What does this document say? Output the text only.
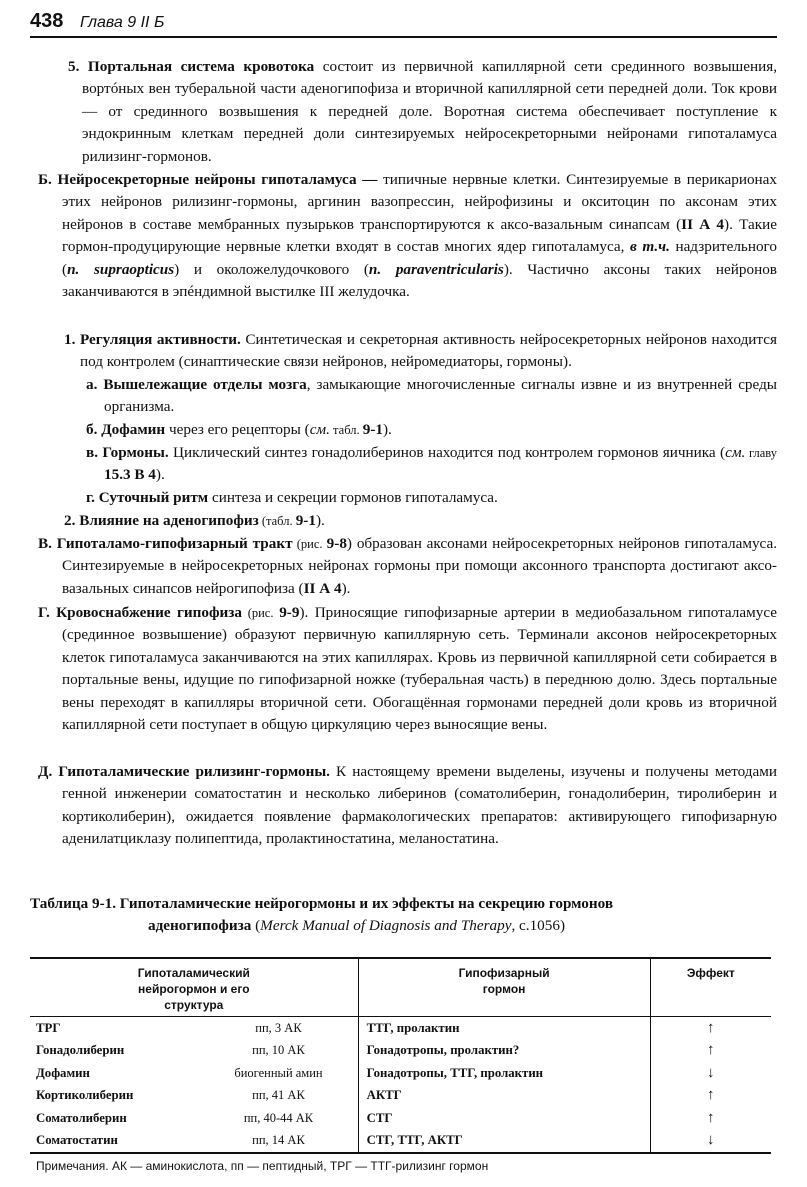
438 Глава 9 II Б

5. Портальная система кровотока состоит из первичной капиллярной сети срединного возвышения, вортóных вен туберальной части аденогипофиза и вторичной капиллярной сети передней доли. Ток крови — от срединного возвышения к передней доле. Воротная система обеспечивает поступление к эндокринным клеткам передней доли синтезируемых нейросекреторными нейронами гипоталамуса рилизинг-гормонов.

Б. Нейросекреторные нейроны гипоталамуса — типичные нервные клетки. Синтезируемые в перикарионах этих нейронов рилизинг-гормоны, аргинин вазопрессин, нейрофизины и окситоцин по аксонам этих нейронов в составе мембранных пузырьков транспортируются к аксо-вазальным синапсам (II А 4). Такие гормон-продуцирующие нервные клетки входят в состав многих ядер гипоталамуса, в т.ч. надзрительного (n. supraopticus) и околожелудочкового (n. paraventricularis). Частично аксоны таких нейронов заканчиваются в эпéндимной выстилке III желудочка.

1. Регуляция активности. Синтетическая и секреторная активность нейросекреторных нейронов находится под контролем (синаптические связи нейронов, нейромедиаторы, гормоны).

а. Вышележащие отделы мозга, замыкающие многочисленные сигналы извне и из внутренней среды организма.

б. Дофамин через его рецепторы (см. табл. 9-1).

в. Гормоны. Циклический синтез гонадолиберинов находится под контролем гормонов яичника (см. главу 15.3 В 4).

г. Суточный ритм синтеза и секреции гормонов гипоталамуса.

2. Влияние на аденогипофиз (табл. 9-1).

В. Гипоталамо-гипофизарный тракт (рис. 9-8) образован аксонами нейросекреторных нейронов гипоталамуса. Синтезируемые в нейросекреторных нейронах гормоны при помощи аксонного транспорта достигают аксо-вазальных синапсов нейрогипофиза (II А 4).

Г. Кровоснабжение гипофиза (рис. 9-9). Приносящие гипофизарные артерии в медиобазальном гипоталамусе (срединное возвышение) образуют первичную капиллярную сеть. Терминали аксонов нейросекреторных клеток гипоталамуса заканчиваются на этих капиллярах. Кровь из первичной капиллярной сети собирается в портальные вены, идущие по гипофизарной ножке (туберальная часть) в переднюю долю. Здесь портальные вены переходят в капилляры вторичной сети. Обогащённая гормонами передней доли кровь из вторичной капиллярной сети поступает в общую циркуляцию через выносящие вены.

Д. Гипоталамические рилизинг-гормоны. К настоящему времени выделены, изучены и получены методами генной инженерии соматостатин и несколько либеринов (соматолиберин, гонадолиберин, тиролиберин и кортиколиберин), ожидается появление фармакологических препаратов: активирующего гипофизарную аденилатциклазу полипептида, пролактиностатина, меланостатина.

Таблица 9-1. Гипоталамические нейрогормоны и их эффекты на секрецию гормонов
аденогипофиза (Merck Manual of Diagnosis and Therapy, с.1056)
Гипоталамический нейрогормон и его структура		Гипофизарный гормон	Эффект
ТРГ	пп, 3 АК	ТТГ, пролактин	↑
Гонадолиберин	пп, 10 АК	Гонадотропы, пролактин?	↑
Дофамин	биогенный амин	Гонадотропы, ТТГ, пролактин	↓
Кортиколиберин	пп, 41 АК	АКТГ	↑
Соматолиберин	пп, 40-44 АК	СТГ	↑
Соматостатин	пп, 14 АК	СТГ, ТТГ, АКТГ	↓
Примечания. АК — аминокислота, пп — пептидный, ТРГ — ТТГ-рилизинг гормон
